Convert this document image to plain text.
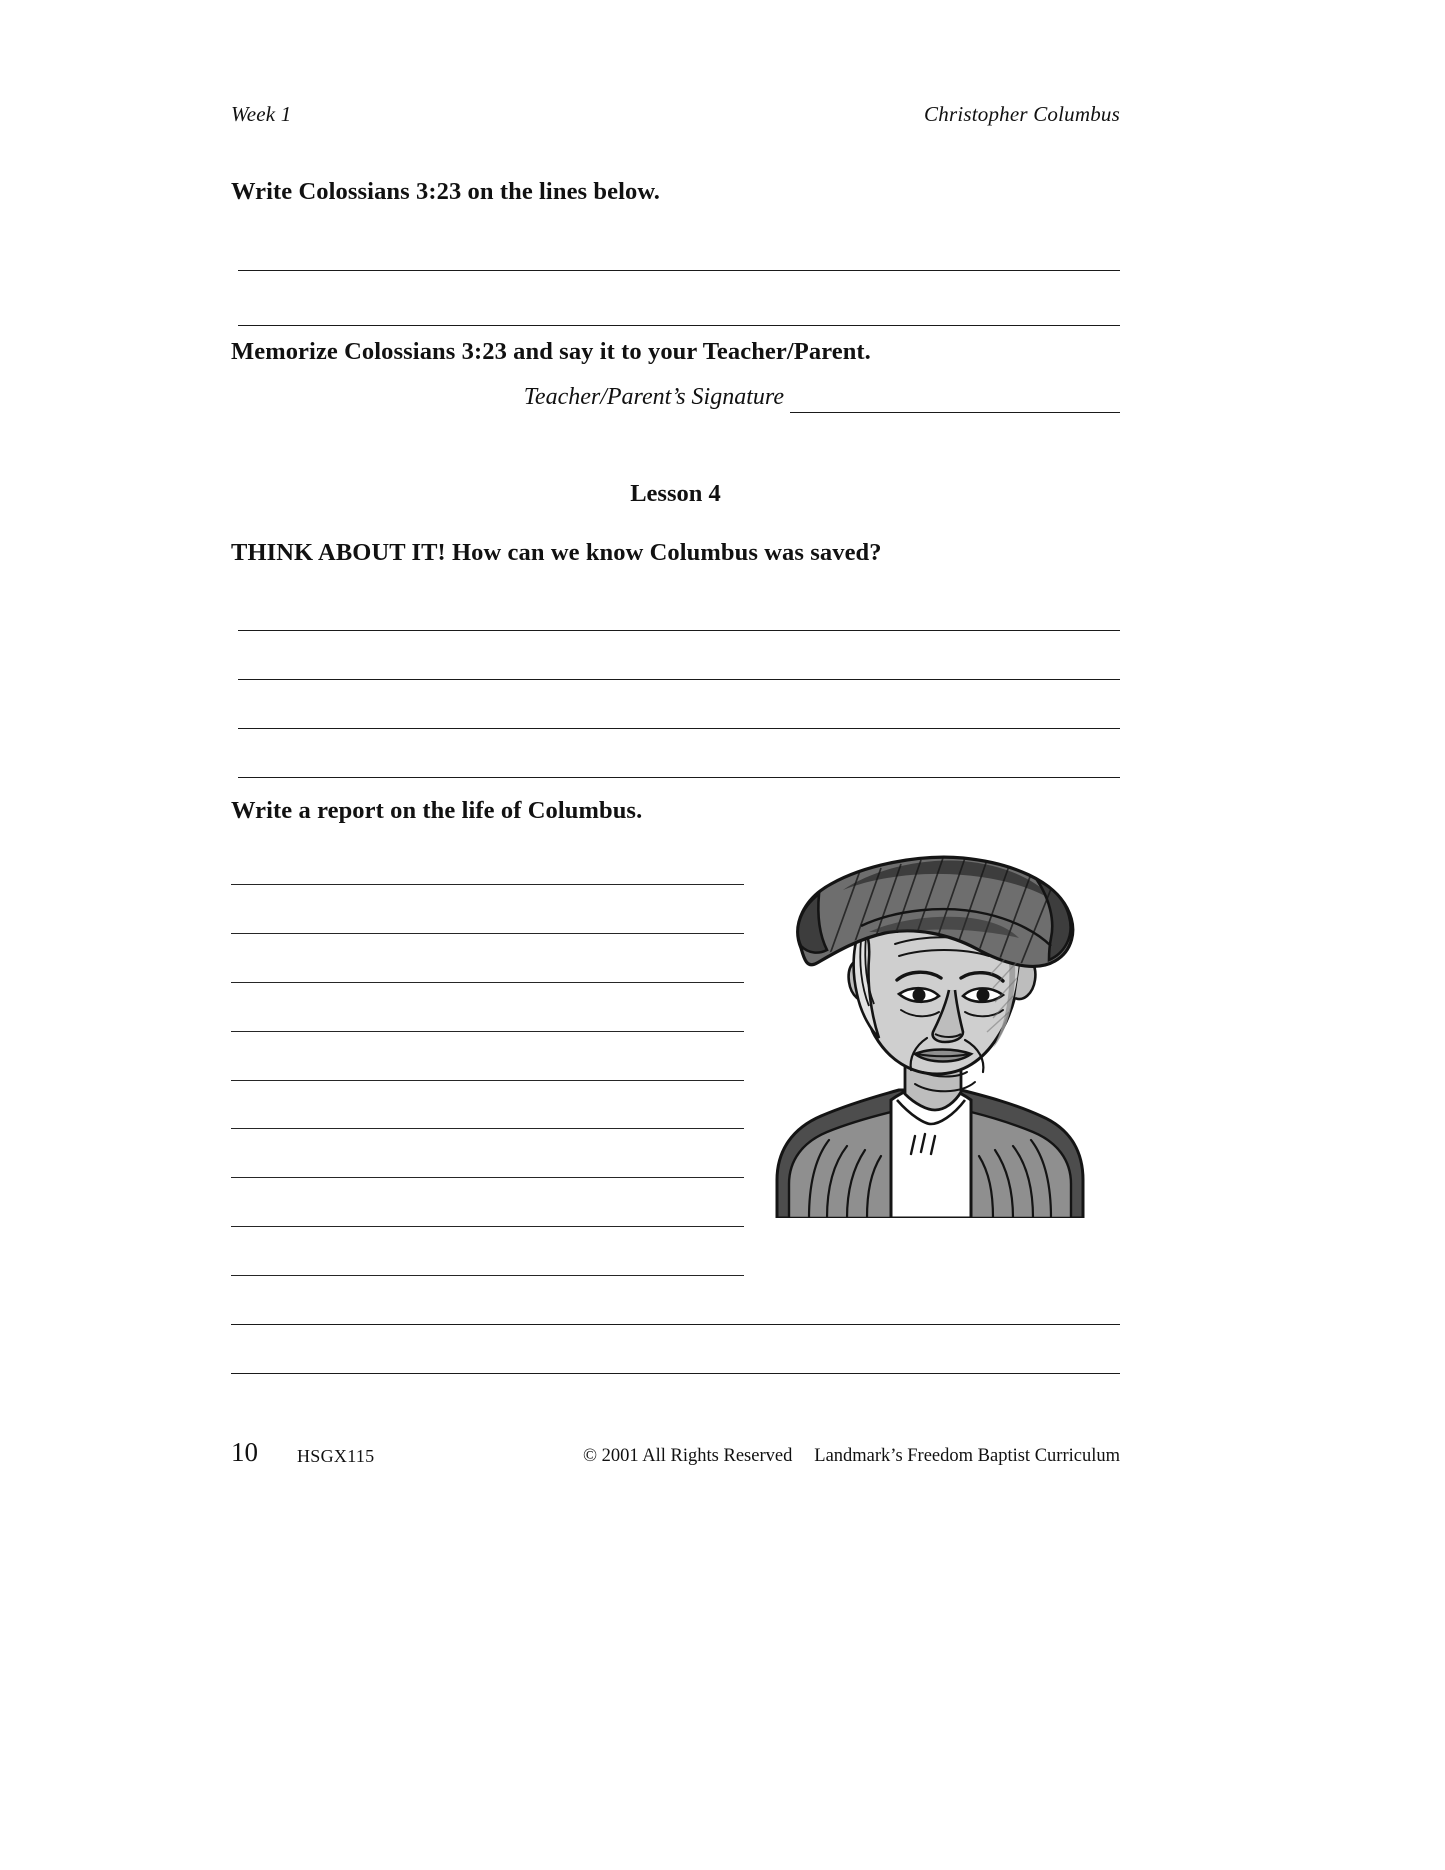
Week 1	Christopher Columbus
Write Colossians 3:23 on the lines below.
Memorize Colossians 3:23 and say it to your Teacher/Parent.
Teacher/Parent’s Signature
Lesson 4
THINK ABOUT IT! How can we know Columbus was saved?
Write a report on the life of Columbus.
10 HSGX115	© 2001 All Rights Reserved Landmark’s Freedom Baptist Curriculum
